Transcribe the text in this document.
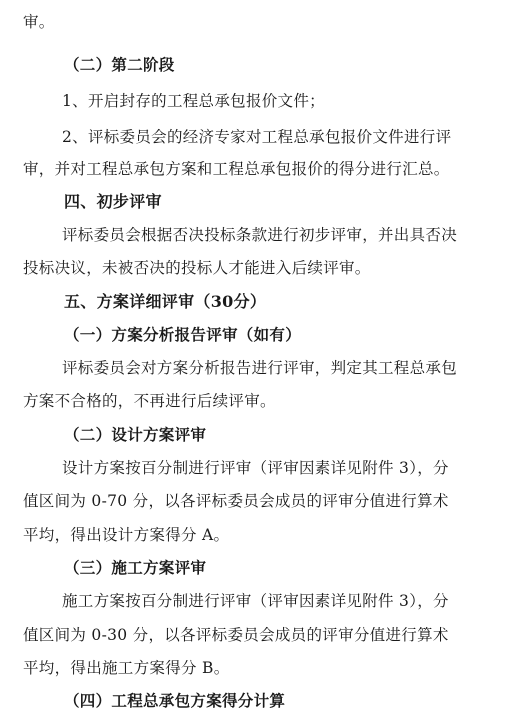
审。
（二）第二阶段
1、开启封存的工程总承包报价文件；
2、评标委员会的经济专家对工程总承包报价文件进行评
审，并对工程总承包方案和工程总承包报价的得分进行汇总。
四、初步评审
评标委员会根据否决投标条款进行初步评审，并出具否决
投标决议，未被否决的投标人才能进入后续评审。
五、方案详细评审（30分）
（一）方案分析报告评审（如有）
评标委员会对方案分析报告进行评审，判定其工程总承包
方案不合格的，不再进行后续评审。
（二）设计方案评审
设计方案按百分制进行评审（评审因素详见附件 3），分
值区间为 0-70 分，以各评标委员会成员的评审分值进行算术
平均，得出设计方案得分 A。
（三）施工方案评审
施工方案按百分制进行评审（评审因素详见附件 3），分
值区间为 0-30 分，以各评标委员会成员的评审分值进行算术
平均，得出施工方案得分 B。
（四）工程总承包方案得分计算
